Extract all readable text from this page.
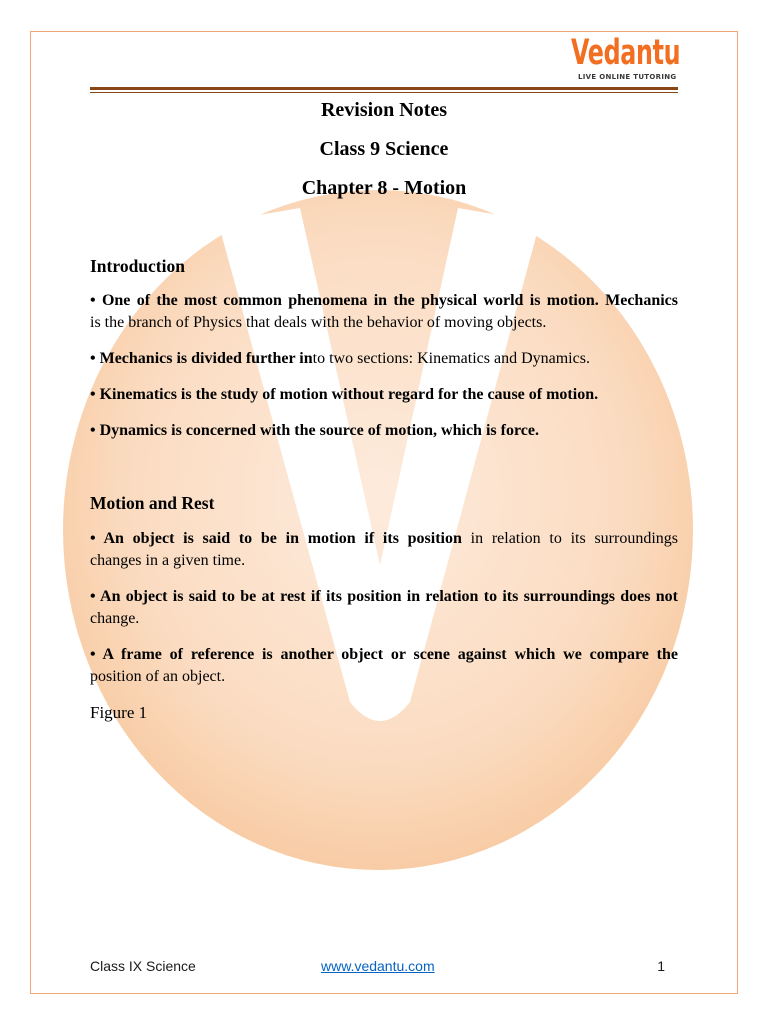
Vedantu
LIVE ONLINE TUTORING
Revision Notes
Class 9 Science
Chapter 8 - Motion
Introduction
• One of the most common phenomena in the physical world is motion. Mechanics
is the branch of Physics that deals with the behavior of moving objects.
• Mechanics is divided further into two sections: Kinematics and Dynamics.
• Kinematics is the study of motion without regard for the cause of motion.
• Dynamics is concerned with the source of motion, which is force.
Motion and Rest
• An object is said to be in motion if its position in relation to its surroundings
changes in a given time.
• An object is said to be at rest if its position in relation to its surroundings does not
change.
• A frame of reference is another object or scene against which we compare the
position of an object.
Figure 1
Class IX Science	www.vedantu.com	1
